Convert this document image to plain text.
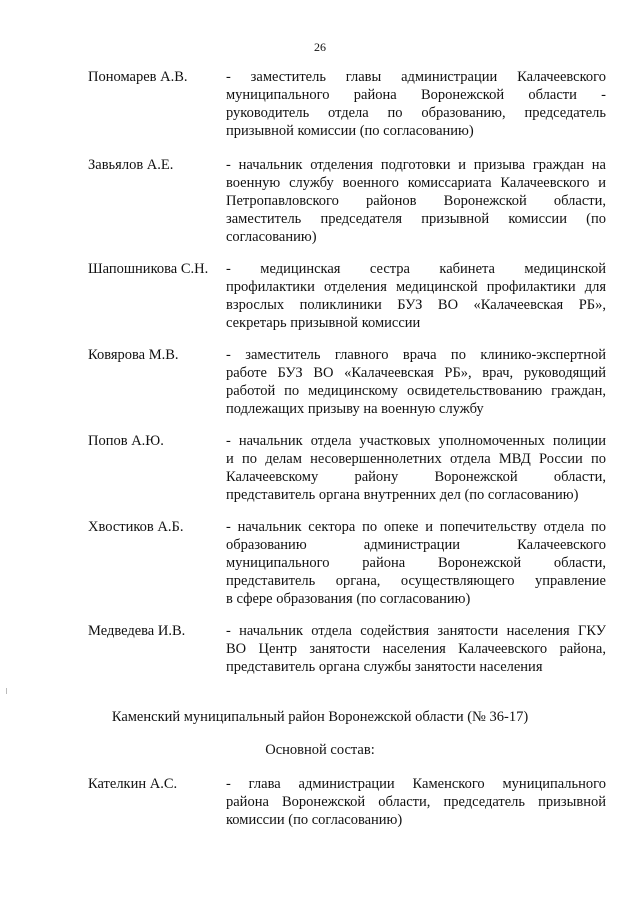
26
Пономарев А.В.	- заместитель главы администрации Калачеевского
муниципального района Воронежской области -
руководитель отдела по образованию, председатель
призывной комиссии (по согласованию)
Завьялов А.Е.	- начальник отделения подготовки и призыва граждан на
военную службу военного комиссариата Калачеевского и
Петропавловского районов Воронежской области,
заместитель председателя призывной комиссии (по
согласованию)
Шапошникова С.Н. - медицинская сестра кабинета медицинской
профилактики отделения медицинской профилактики для
взрослых поликлиники БУЗ ВО «Калачеевская РБ»,
секретарь призывной комиссии
Ковярова М.В.	- заместитель главного врача по клинико-экспертной
работе БУЗ ВО «Калачеевская РБ», врач, руководящий
работой по медицинскому освидетельствованию граждан,
подлежащих призыву на военную службу
Попов А.Ю.	- начальник отдела участковых уполномоченных полиции
и по делам несовершеннолетних отдела МВД России по
Калачеевскому району Воронежской области,
представитель органа внутренних дел (по согласованию)
Хвостиков А.Б.	- начальник сектора по опеке и попечительству отдела по
образованию администрации Калачеевского
муниципального района Воронежской области,
представитель органа, осуществляющего управление
в сфере образования (по согласованию)
Медведева И.В.	- начальник отдела содействия занятости населения ГКУ
ВО Центр занятости населения Калачеевского района,
представитель органа службы занятости населения
Каменский муниципальный район Воронежской области (№ 36-17)
Основной состав:
Кателкин А.С.	- глава администрации Каменского муниципального
района Воронежской области, председатель призывной
комиссии (по согласованию)
